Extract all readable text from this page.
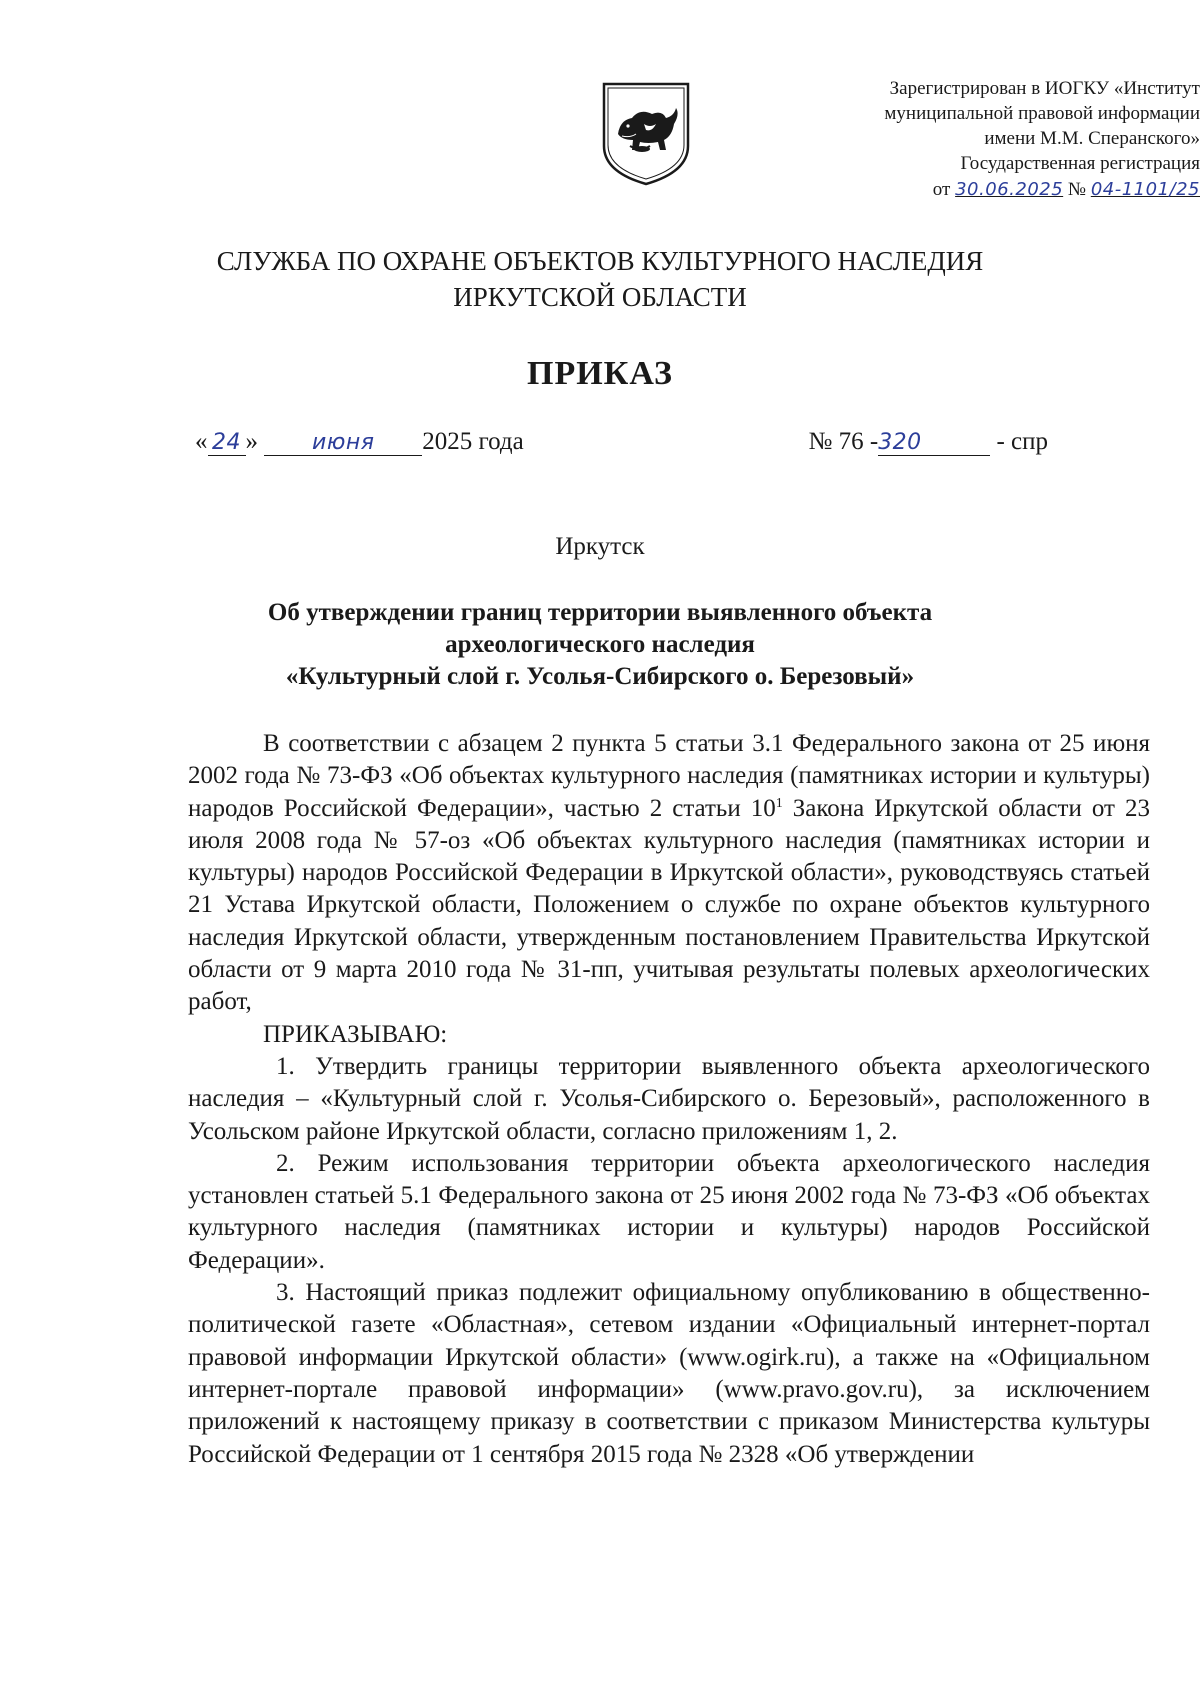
Зарегистрирован в ИОГКУ «Институт
муниципальной правовой информации
имени М.М. Сперанского»
Государственная регистрация
от 30.06.2025 № 04-1101/25
СЛУЖБА ПО ОХРАНЕ ОБЪЕКТОВ КУЛЬТУРНОГО НАСЛЕДИЯ
ИРКУТСКОЙ ОБЛАСТИ
ПРИКАЗ
« 24 » июня 2025 года	№ 76 -320	- спр
Иркутск
Об утверждении границ территории выявленного объекта
археологического наследия
«Культурный слой г. Усолья-Сибирского о. Березовый»

В соответствии с абзацем 2 пункта 5 статьи 3.1 Федерального закона от 25 июня 2002 года № 73-ФЗ «Об объектах культурного наследия (памятниках истории и культуры) народов Российской Федерации», частью 2 статьи $10^1$ Закона Иркутской области от 23 июля 2008 года № 57-оз «Об объектах культурного наследия (памятниках истории и культуры) народов Российской Федерации в Иркутской области», руководствуясь статьей 21 Устава Иркутской области, Положением о службе по охране объектов культурного наследия Иркутской области, утвержденным постановлением Правительства Иркутской области от 9 марта 2010 года № 31-пп, учитывая результаты полевых археологических работ,

ПРИКАЗЫВАЮ:

1. Утвердить границы территории выявленного объекта археологического наследия – «Культурный слой г. Усолья-Сибирского о. Березовый», расположенного в Усольском районе Иркутской области, согласно приложениям 1, 2.

2. Режим использования территории объекта археологического наследия установлен статьей 5.1 Федерального закона от 25 июня 2002 года № 73-ФЗ «Об объектах культурного наследия (памятниках истории и культуры) народов Российской Федерации».

3. Настоящий приказ подлежит официальному опубликованию в общественно-политической газете «Областная», сетевом издании «Официальный интернет-портал правовой информации Иркутской области» (www.ogirk.ru), а также на «Официальном интернет-портале правовой информации» (www.pravo.gov.ru), за исключением приложений к настоящему приказу в соответствии с приказом Министерства культуры Российской Федерации от 1 сентября 2015 года № 2328 «Об утверждении
